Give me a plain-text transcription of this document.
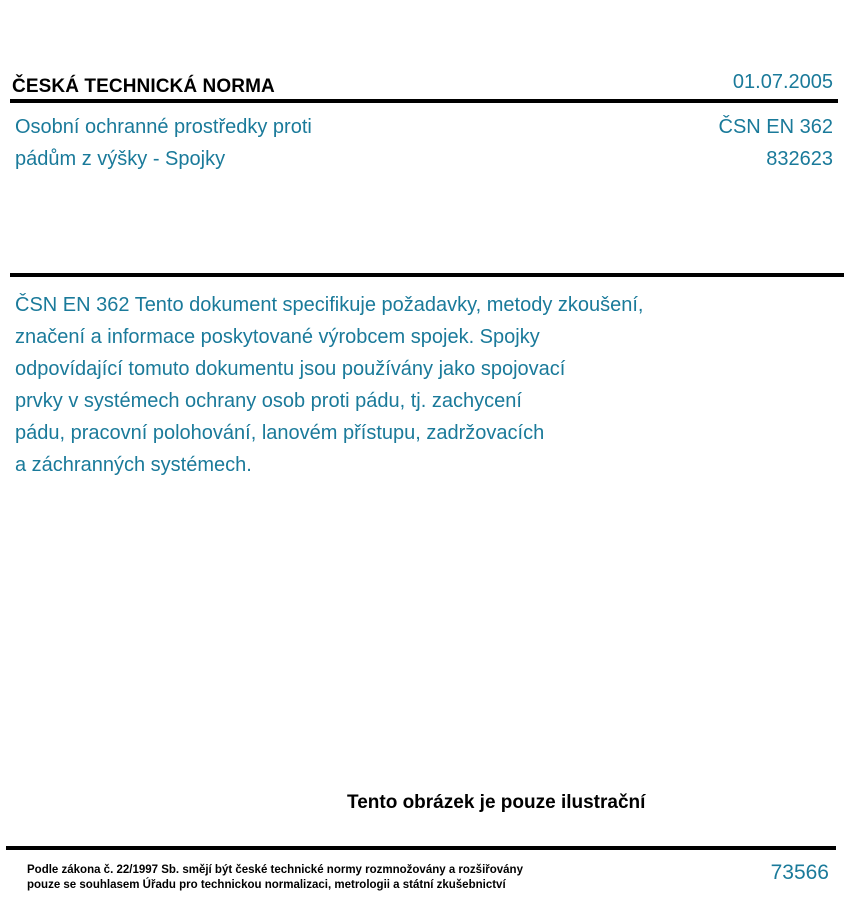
ČESKÁ TECHNICKÁ NORMA	01.07.2005
Osobní ochranné prostředky proti
pádům z výšky - Spojky
ČSN EN 362
832623

ČSN EN 362 Tento dokument specifikuje požadavky, metody zkoušení,
značení a informace poskytované výrobcem spojek. Spojky
odpovídající tomuto dokumentu jsou používány jako spojovací
prvky v systémech ochrany osob proti pádu, tj. zachycení
pádu, pracovní polohování, lanovém přístupu, zadržovacích
a záchranných systémech.

Tento obrázek je pouze ilustrační
Podle zákona č. 22/1997 Sb. smějí být české technické normy rozmnožovány a rozšiřovány
pouze se souhlasem Úřadu pro technickou normalizaci, metrologii a státní zkušebnictví
73566
